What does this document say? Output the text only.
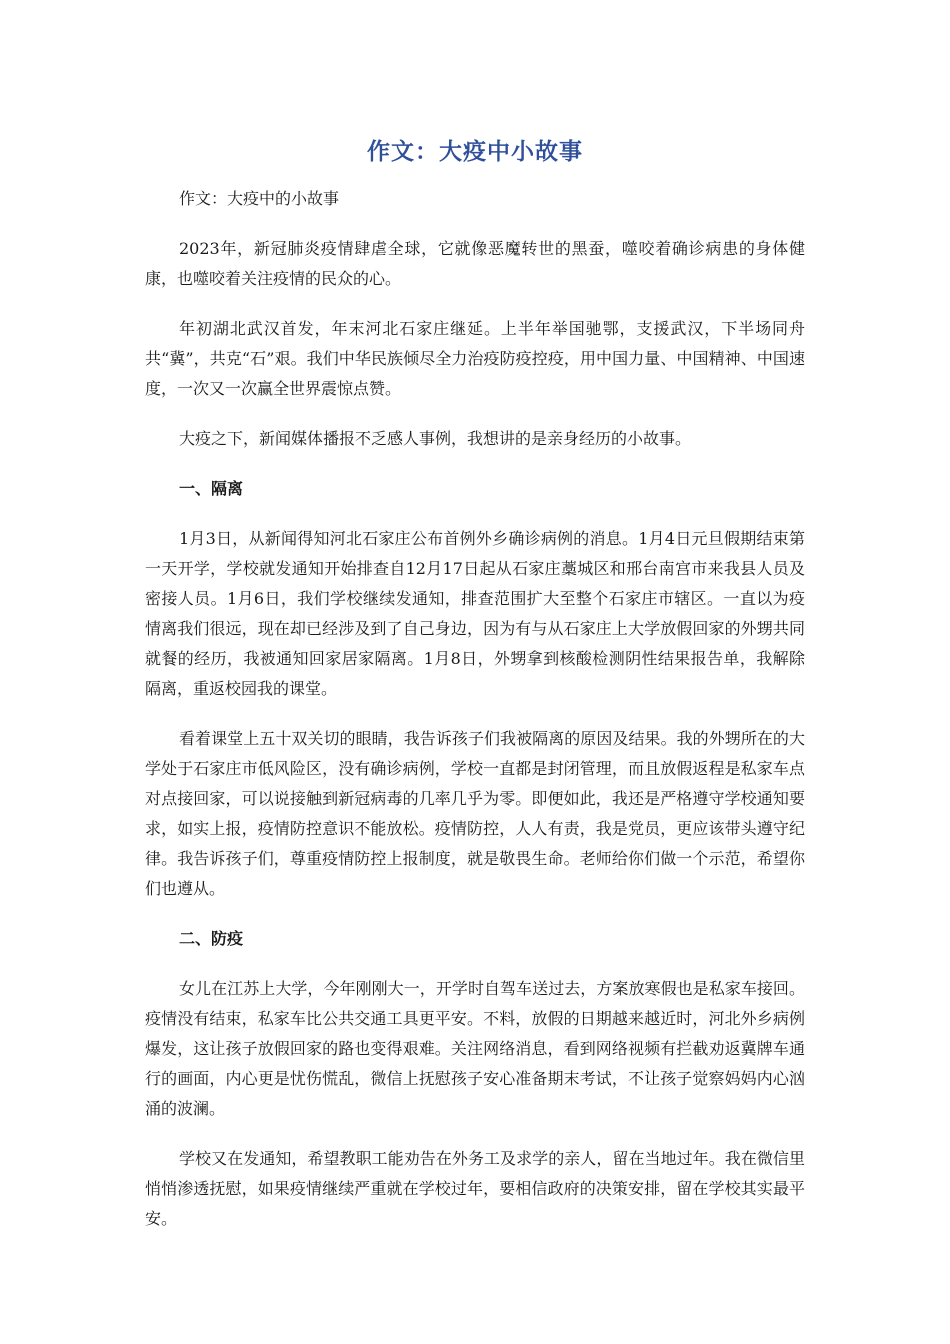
作文：大疫中小故事

作文：大疫中的小故事

2023年，新冠肺炎疫情肆虐全球，它就像恶魔转世的黑蚕，噬咬着确诊病患的身体健康，也噬咬着关注疫情的民众的心。

年初湖北武汉首发，年末河北石家庄继延。上半年举国驰鄂，支援武汉，下半场同舟共“冀”，共克“石”艰。我们中华民族倾尽全力治疫防疫控疫，用中国力量、中国精神、中国速度，一次又一次赢全世界震惊点赞。

大疫之下，新闻媒体播报不乏感人事例，我想讲的是亲身经历的小故事。

一、隔离

1月3日，从新闻得知河北石家庄公布首例外乡确诊病例的消息。1月4日元旦假期结束第一天开学，学校就发通知开始排查自12月17日起从石家庄藁城区和邢台南宫市来我县人员及密接人员。1月6日，我们学校继续发通知，排查范围扩大至整个石家庄市辖区。一直以为疫情离我们很远，现在却已经涉及到了自己身边，因为有与从石家庄上大学放假回家的外甥共同就餐的经历，我被通知回家居家隔离。1月8日，外甥拿到核酸检测阴性结果报告单，我解除隔离，重返校园我的课堂。

看着课堂上五十双关切的眼睛，我告诉孩子们我被隔离的原因及结果。我的外甥所在的大学处于石家庄市低风险区，没有确诊病例，学校一直都是封闭管理，而且放假返程是私家车点对点接回家，可以说接触到新冠病毒的几率几乎为零。即便如此，我还是严格遵守学校通知要求，如实上报，疫情防控意识不能放松。疫情防控，人人有责，我是党员，更应该带头遵守纪律。我告诉孩子们，尊重疫情防控上报制度，就是敬畏生命。老师给你们做一个示范，希望你们也遵从。

二、防疫

女儿在江苏上大学，今年刚刚大一，开学时自驾车送过去，方案放寒假也是私家车接回。疫情没有结束，私家车比公共交通工具更平安。不料，放假的日期越来越近时，河北外乡病例爆发，这让孩子放假回家的路也变得艰难。关注网络消息，看到网络视频有拦截劝返冀牌车通行的画面，内心更是忧伤慌乱，微信上抚慰孩子安心准备期末考试，不让孩子觉察妈妈内心汹涌的波澜。

学校又在发通知，希望教职工能劝告在外务工及求学的亲人，留在当地过年。我在微信里悄悄渗透抚慰，如果疫情继续严重就在学校过年，要相信政府的决策安排，留在学校其实最平安。
